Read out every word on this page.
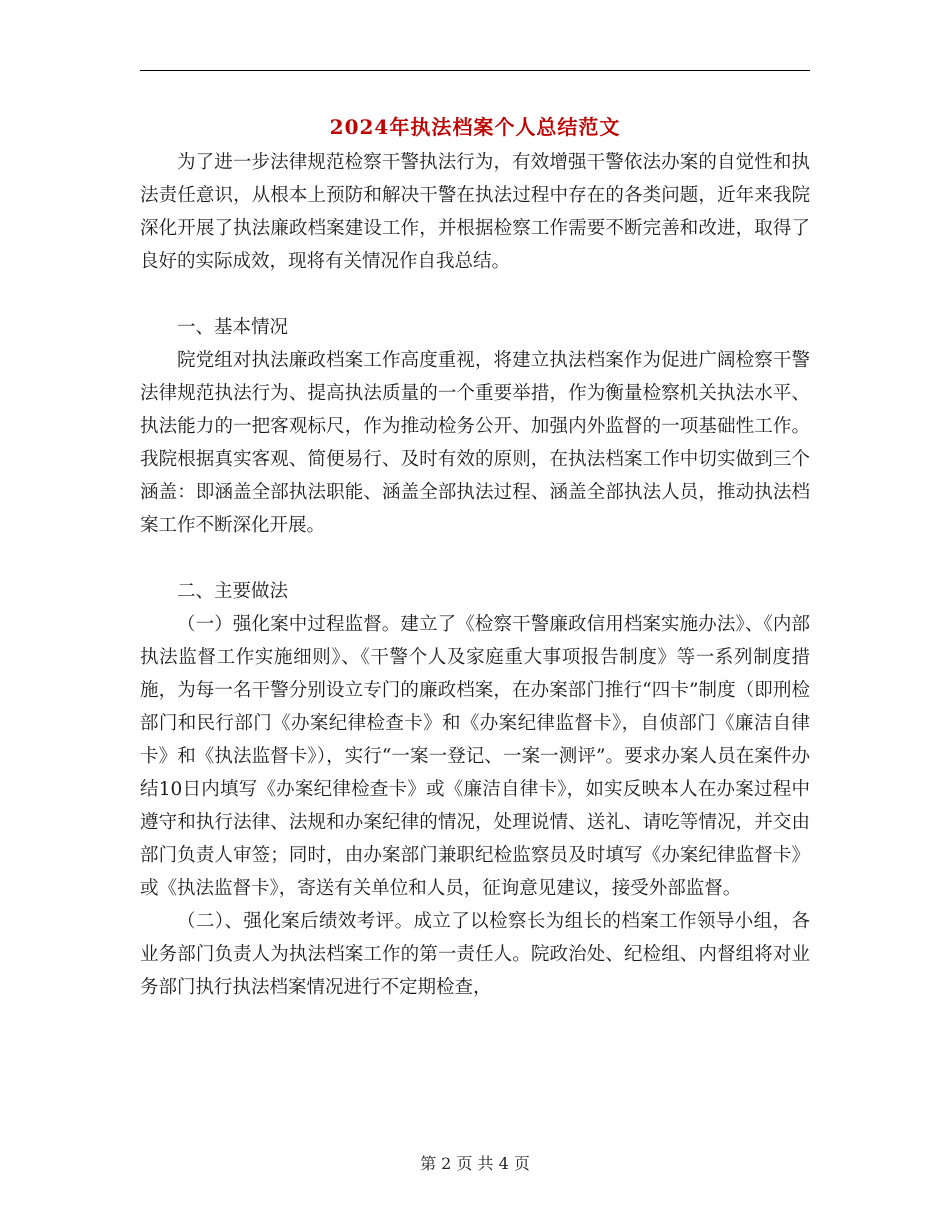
2024年执法档案个人总结范文

为了进一步法律规范检察干警执法行为，有效增强干警依法办案的自觉性和执法责任意识，从根本上预防和解决干警在执法过程中存在的各类问题，近年来我院深化开展了执法廉政档案建设工作，并根据检察工作需要不断完善和改进，取得了良好的实际成效，现将有关情况作自我总结。

一、基本情况

院党组对执法廉政档案工作高度重视，将建立执法档案作为促进广阔检察干警法律规范执法行为、提高执法质量的一个重要举措，作为衡量检察机关执法水平、执法能力的一把客观标尺，作为推动检务公开、加强内外监督的一项基础性工作。我院根据真实客观、简便易行、及时有效的原则，在执法档案工作中切实做到三个涵盖：即涵盖全部执法职能、涵盖全部执法过程、涵盖全部执法人员，推动执法档案工作不断深化开展。

二、主要做法

（一）强化案中过程监督。建立了《检察干警廉政信用档案实施办法》、《内部执法监督工作实施细则》、《干警个人及家庭重大事项报告制度》等一系列制度措施，为每一名干警分别设立专门的廉政档案，在办案部门推行“四卡”制度（即刑检部门和民行部门《办案纪律检查卡》和《办案纪律监督卡》，自侦部门《廉洁自律卡》和《执法监督卡》），实行“一案一登记、一案一测评”。要求办案人员在案件办结10日内填写《办案纪律检查卡》或《廉洁自律卡》，如实反映本人在办案过程中遵守和执行法律、法规和办案纪律的情况，处理说情、送礼、请吃等情况，并交由部门负责人审签；同时，由办案部门兼职纪检监察员及时填写《办案纪律监督卡》或《执法监督卡》，寄送有关单位和人员，征询意见建议，接受外部监督。

（二）、强化案后绩效考评。成立了以检察长为组长的档案工作领导小组，各业务部门负责人为执法档案工作的第一责任人。院政治处、纪检组、内督组将对业务部门执行执法档案情况进行不定期检查，

第 2 页 共 4 页
